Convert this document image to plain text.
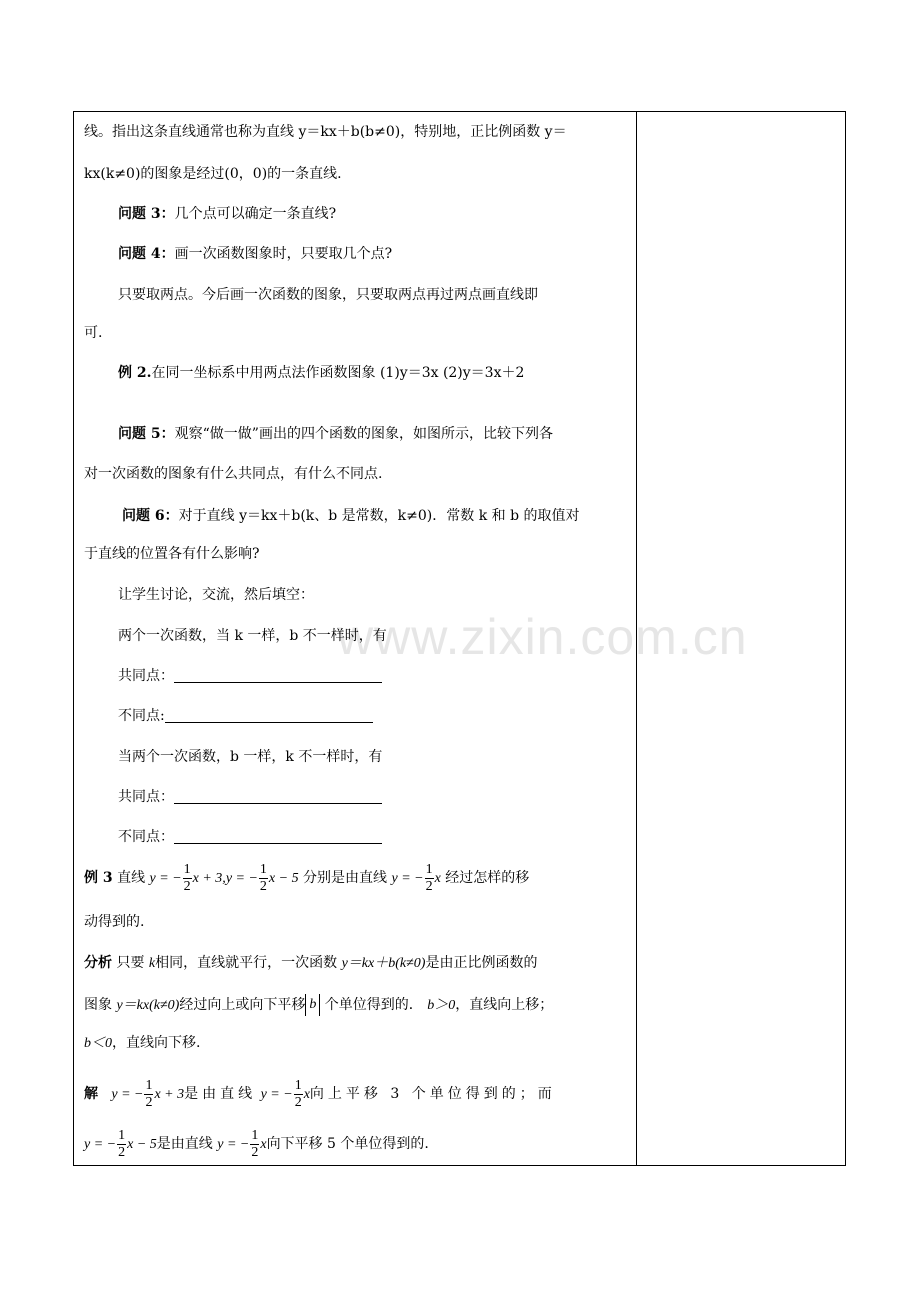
www.zixin.com.cn
线。指出这条直线通常也称为直线 y＝kx＋b(b≠0)，特别地，正比例函数 y＝
kx(k≠0)的图象是经过(0，0)的一条直线.
问题 3：几个点可以确定一条直线?
问题 4：画一次函数图象时，只要取几个点?
只要取两点。今后画一次函数的图象，只要取两点再过两点画直线即
可.
例 2.在同一坐标系中用两点法作函数图象 (1)y＝3x (2)y＝3x＋2
问题 5：观察“做一做”画出的四个函数的图象，如图所示，比较下列各
对一次函数的图象有什么共同点，有什么不同点.
问题 6：对于直线 y＝kx＋b(k、b 是常数，k≠0)．常数 k 和 b 的取值对
于直线的位置各有什么影响?
让学生讨论，交流，然后填空：
两个一次函数，当 k 一样，b 不一样时，有
共同点：
不同点:
当两个一次函数，b 一样，k 不一样时，有
共同点：
不同点：
例 3 直线 y = − $\frac{1}{2}$ x + 3,y = − $\frac{1}{2}$ x − 5 分别是由直线 y = − $\frac{1}{2}$ x 经过怎样的移
动得到的.
分析 只要 k相同，直线就平行，一次函数 y＝kx＋b(k≠0)是由正比例函数的
图象 y＝kx(k≠0)经过向上或向下平移 b 个单位得到的． b＞0，直线向上移；
b＜0，直线向下移.
解 y = − $\frac{1}{2}$ x + 3是由直线 y = − $\frac{1}{2}$ x向上平移 3 个单位得到的；而
y = − $\frac{1}{2}$ x − 5是由直线 y = − $\frac{1}{2}$ x向下平移 5 个单位得到的.
